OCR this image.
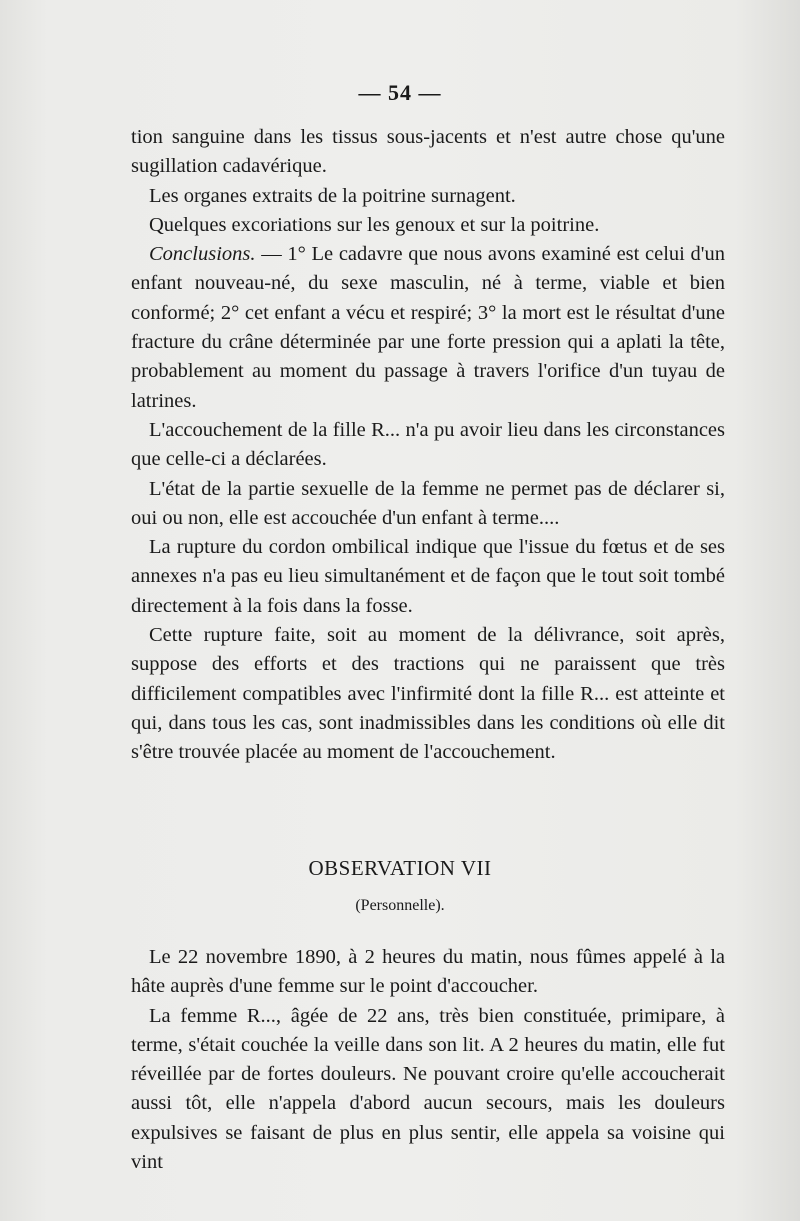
— 54 —

tion sanguine dans les tissus sous-jacents et n'est autre chose qu'une sugillation cadavérique.

Les organes extraits de la poitrine surnagent.

Quelques excoriations sur les genoux et sur la poitrine.

Conclusions. — 1° Le cadavre que nous avons examiné est celui d'un enfant nouveau-né, du sexe masculin, né à terme, viable et bien conformé; 2° cet enfant a vécu et respiré; 3° la mort est le résultat d'une fracture du crâne déterminée par une forte pression qui a aplati la tête, probablement au moment du passage à travers l'orifice d'un tuyau de latrines.

L'accouchement de la fille R... n'a pu avoir lieu dans les circonstances que celle-ci a déclarées.

L'état de la partie sexuelle de la femme ne permet pas de déclarer si, oui ou non, elle est accouchée d'un enfant à terme....

La rupture du cordon ombilical indique que l'issue du fœtus et de ses annexes n'a pas eu lieu simultanément et de façon que le tout soit tombé directement à la fois dans la fosse.

Cette rupture faite, soit au moment de la délivrance, soit après, suppose des efforts et des tractions qui ne paraissent que très difficilement compatibles avec l'infirmité dont la fille R... est atteinte et qui, dans tous les cas, sont inadmissibles dans les conditions où elle dit s'être trouvée placée au moment de l'accouchement.

OBSERVATION VII
(Personnelle).

Le 22 novembre 1890, à 2 heures du matin, nous fûmes appelé à la hâte auprès d'une femme sur le point d'accoucher.

La femme R..., âgée de 22 ans, très bien constituée, primipare, à terme, s'était couchée la veille dans son lit. A 2 heures du matin, elle fut réveillée par de fortes douleurs. Ne pouvant croire qu'elle accoucherait aussi tôt, elle n'appela d'abord aucun secours, mais les douleurs expulsives se faisant de plus en plus sentir, elle appela sa voisine qui vint
